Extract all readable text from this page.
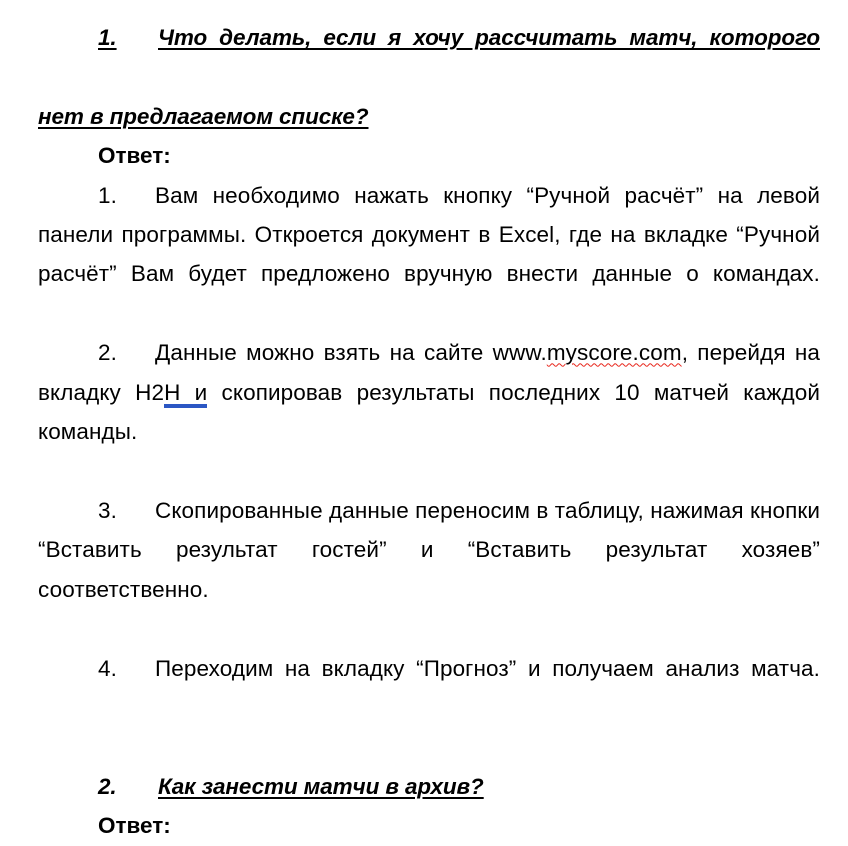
1. Что делать, если я хочу рассчитать матч, которого

нет в предлагаемом списке?

Ответ:

1. Вам необходимо нажать кнопку “Ручной расчёт” на левой панели программы. Откроется документ в Excel, где на вкладке “Ручной расчёт” Вам будет предложено вручную внести данные о командах.

2. Данные можно взять на сайте www.myscore.com, перейдя на вкладку Н2Н и скопировав результаты последних 10 матчей каждой команды.

3. Скопированные данные переносим в таблицу, нажимая кнопки “Вставить результат гостей” и “Вставить результат хозяев” соответственно.

4. Переходим на вкладку “Прогноз” и получаем анализ матча.

2. Как занести матчи в архив?

Ответ:
